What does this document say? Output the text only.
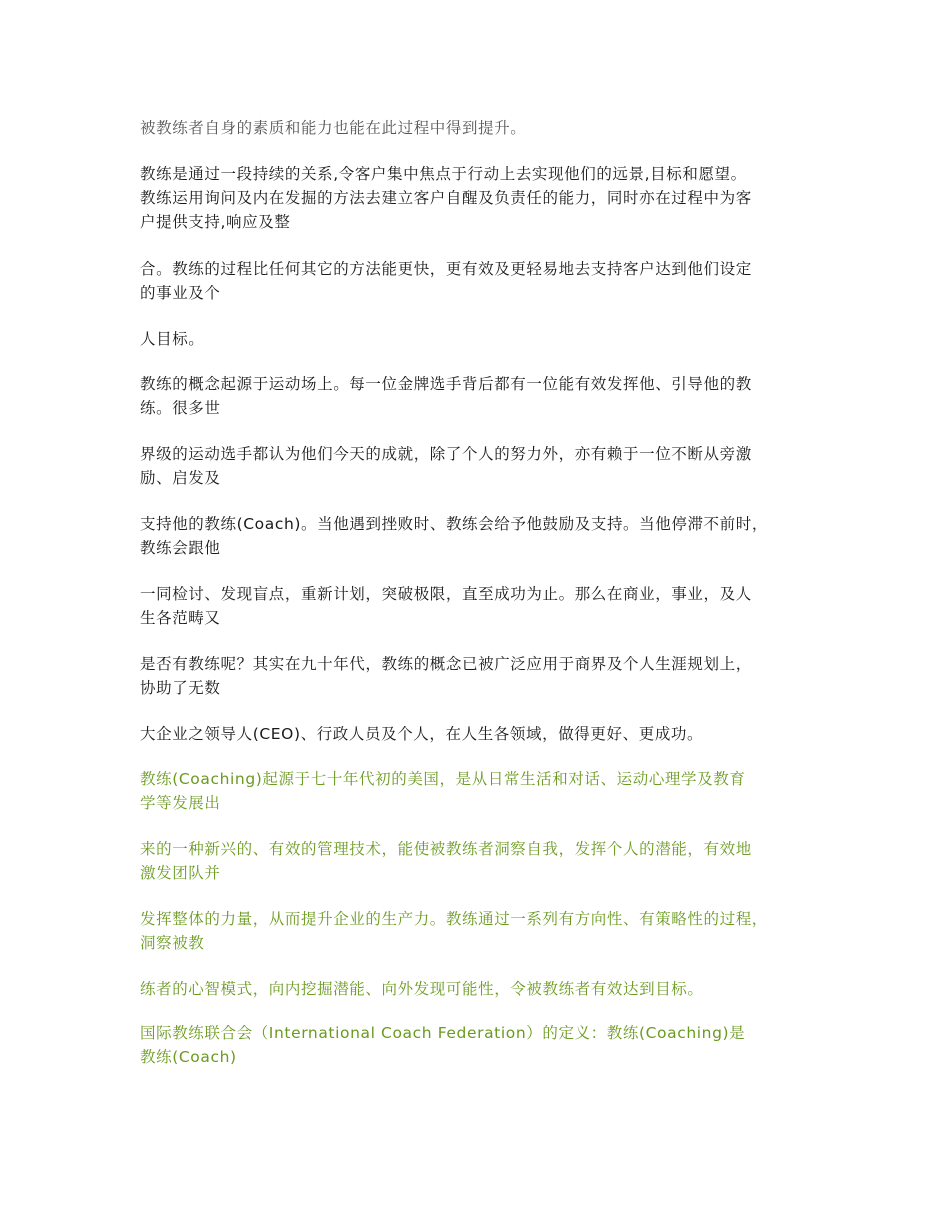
被教练者自身的素质和能力也能在此过程中得到提升。

教练是通过一段持续的关系,令客户集中焦点于行动上去实现他们的远景,目标和愿望。
教练运用询问及内在发掘的方法去建立客户自醒及负责任的能力，同时亦在过程中为客
户提供支持,响应及整

合。教练的过程比任何其它的方法能更快，更有效及更轻易地去支持客户达到他们设定
的事业及个

人目标。

教练的概念起源于运动场上。每一位金牌选手背后都有一位能有效发挥他、引导他的教
练。很多世

界级的运动选手都认为他们今天的成就，除了个人的努力外，亦有赖于一位不断从旁激
励、启发及

支持他的教练(Coach)。当他遇到挫败时、教练会给予他鼓励及支持。当他停滞不前时，
教练会跟他

一同检讨、发现盲点，重新计划，突破极限，直至成功为止。那么在商业，事业，及人
生各范畴又

是否有教练呢？其实在九十年代，教练的概念已被广泛应用于商界及个人生涯规划上，
协助了无数

大企业之领导人(CEO)、行政人员及个人，在人生各领域，做得更好、更成功。

教练(Coaching)起源于七十年代初的美国，是从日常生活和对话、运动心理学及教育
学等发展出

来的一种新兴的、有效的管理技术，能使被教练者洞察自我，发挥个人的潜能，有效地
激发团队并

发挥整体的力量，从而提升企业的生产力。教练通过一系列有方向性、有策略性的过程，
洞察被教

练者的心智模式，向内挖掘潜能、向外发现可能性，令被教练者有效达到目标。

国际教练联合会（International Coach Federation）的定义：教练(Coaching)是
教练(Coach)
